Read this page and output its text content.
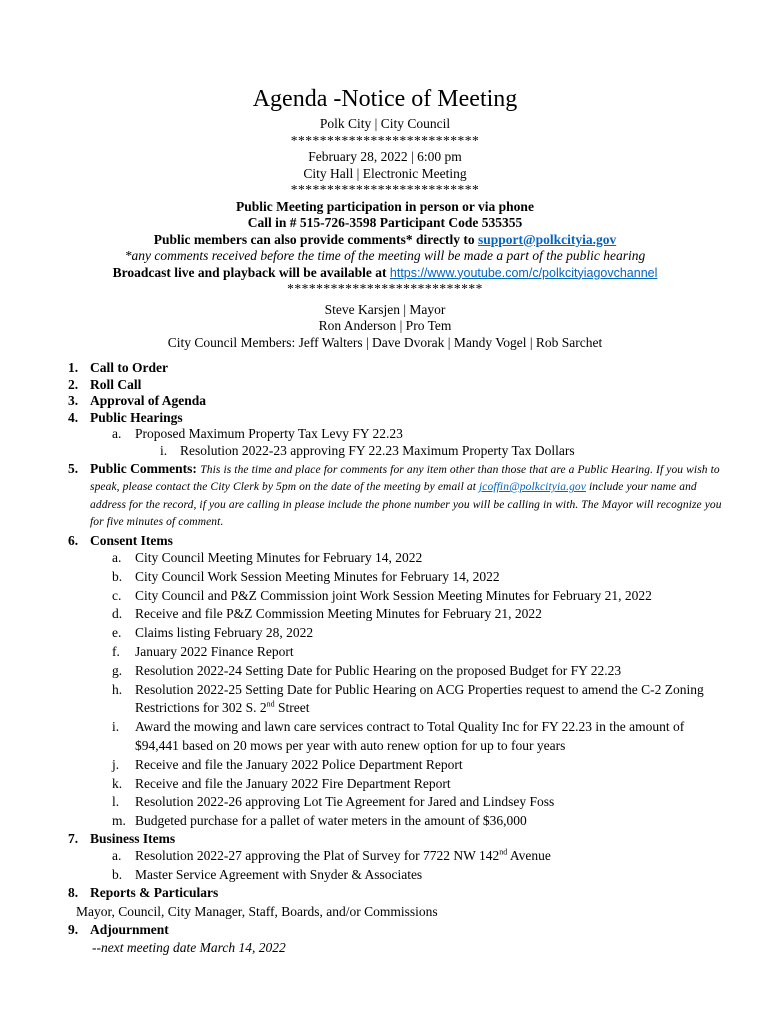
Agenda -Notice of Meeting
Polk City | City Council
**************************
February 28, 2022 | 6:00 pm
City Hall | Electronic Meeting
**************************
Public Meeting participation in person or via phone
Call in # 515-726-3598 Participant Code 535355
Public members can also provide comments* directly to support@polkcityia.gov
*any comments received before the time of the meeting will be made a part of the public hearing
Broadcast live and playback will be available at https://www.youtube.com/c/polkcityiagovchannel
***************************
Steve Karsjen | Mayor
Ron Anderson | Pro Tem
City Council Members: Jeff Walters | Dave Dvorak | Mandy Vogel | Rob Sarchet
1. Call to Order
2. Roll Call
3. Approval of Agenda
4. Public Hearings
a. Proposed Maximum Property Tax Levy FY 22.23
i. Resolution 2022-23 approving FY 22.23 Maximum Property Tax Dollars
5. Public Comments: This is the time and place for comments for any item other than those that are a Public Hearing. If you wish to speak, please contact the City Clerk by 5pm on the date of the meeting by email at jcoffin@polkcityia.gov include your name and address for the record, if you are calling in please include the phone number you will be calling in with. The Mayor will recognize you for five minutes of comment.
6. Consent Items
a. City Council Meeting Minutes for February 14, 2022
b. City Council Work Session Meeting Minutes for February 14, 2022
c. City Council and P&Z Commission joint Work Session Meeting Minutes for February 21, 2022
d. Receive and file P&Z Commission Meeting Minutes for February 21, 2022
e. Claims listing February 28, 2022
f. January 2022 Finance Report
g. Resolution 2022-24 Setting Date for Public Hearing on the proposed Budget for FY 22.23
h. Resolution 2022-25 Setting Date for Public Hearing on ACG Properties request to amend the C-2 Zoning Restrictions for 302 S. 2nd Street
i. Award the mowing and lawn care services contract to Total Quality Inc for FY 22.23 in the amount of $94,441 based on 20 mows per year with auto renew option for up to four years
j. Receive and file the January 2022 Police Department Report
k. Receive and file the January 2022 Fire Department Report
l. Resolution 2022-26 approving Lot Tie Agreement for Jared and Lindsey Foss
m. Budgeted purchase for a pallet of water meters in the amount of $36,000
7. Business Items
a. Resolution 2022-27 approving the Plat of Survey for 7722 NW 142nd Avenue
b. Master Service Agreement with Snyder & Associates
8. Reports & Particulars
Mayor, Council, City Manager, Staff, Boards, and/or Commissions
9. Adjournment
--next meeting date March 14, 2022
